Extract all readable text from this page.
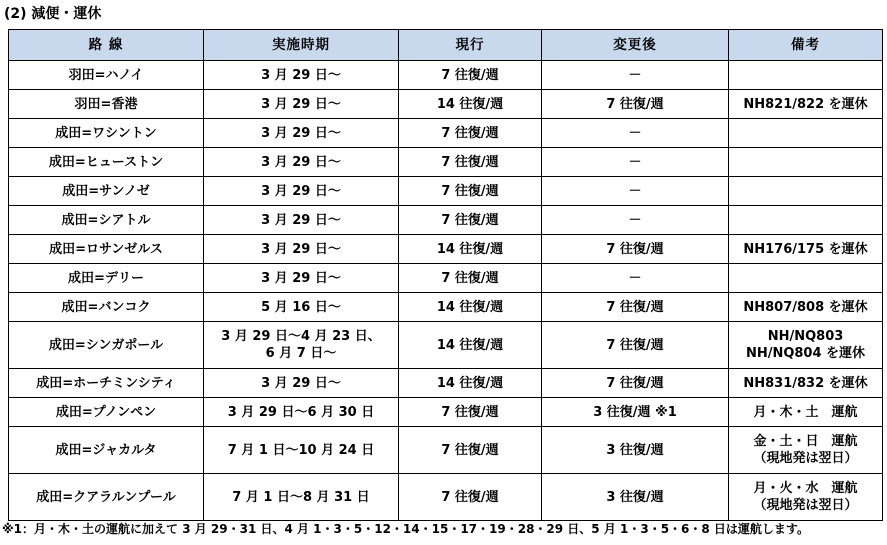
(2) 減便・運休
路 線	実施時期	現行	変更後	備考
羽田=ハノイ	3 月 29 日～	7 往復/週	－	
羽田=香港	3 月 29 日～	14 往復/週	7 往復/週	NH821/822 を運休

成田=ワシントン	3 月 29 日～	7 往復/週	－	
成田=ヒューストン	3 月 29 日～	7 往復/週	－	
成田=サンノゼ	3 月 29 日～	7 往復/週	－	
成田=シアトル	3 月 29 日～	7 往復/週	－	
成田=ロサンゼルス	3 月 29 日～	14 往復/週	7 往復/週	NH176/175 を運休

成田=デリー	3 月 29 日～	7 往復/週	－	
成田=バンコク	5 月 16 日～	14 往復/週	7 往復/週	NH807/808 を運休

成田=シンガポール	3 月 29 日～4 月 23 日、
6 月 7 日～	14 往復/週	7 往復/週	NH/NQ803
NH/NQ804 を運休

成田=ホーチミンシティ	3 月 29 日～	14 往復/週	7 往復/週	NH831/832 を運休

成田=プノンペン	3 月 29 日～6 月 30 日	7 往復/週	3 往復/週 ※1	月・木・土　運航

成田=ジャカルタ	7 月 1 日～10 月 24 日	7 往復/週	3 往復/週	金・土・日　運航
（現地発は翌日）

成田=クアラルンプール	7 月 1 日～8 月 31 日	7 往復/週	3 往復/週	月・火・水　運航
（現地発は翌日）
※1：月・木・土の運航に加えて 3 月 29・31 日、4 月 1・3・5・12・14・15・17・19・28・29 日、5 月 1・3・5・6・8 日は運航します。
